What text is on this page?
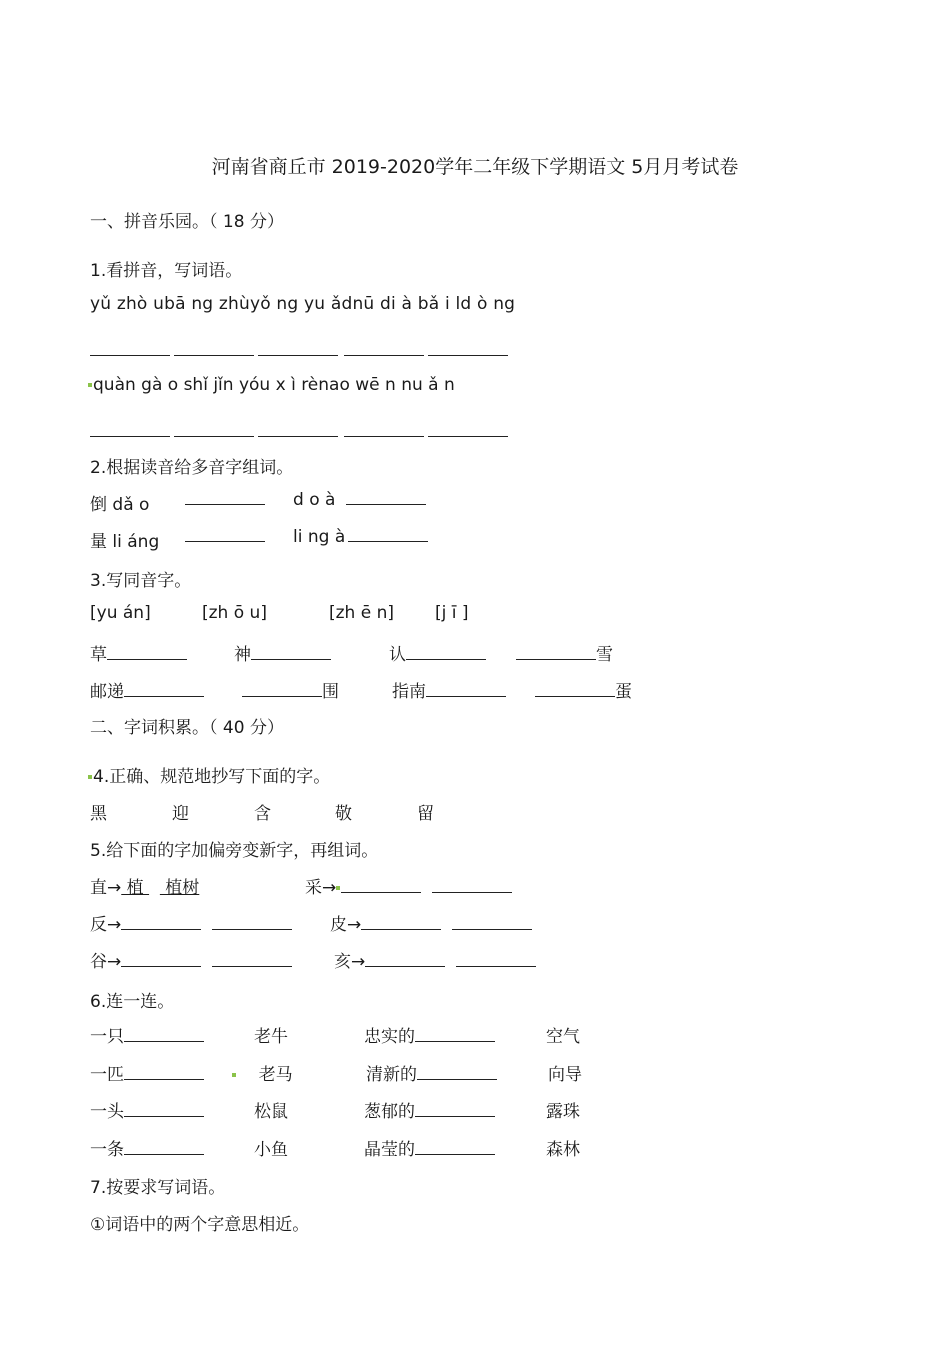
河南省商丘市 2019-2020学年二年级下学期语文 5月月考试卷
一、拼音乐园。（ 18 分）
1.看拼音，写词语。
yǔ zhò ubā ng zhùyǒ ng yu ǎdnū di à bǎ i ld ò ng
quàn gà o shǐ jǐn yóu x ì rènao wē n nu ǎ n
2.根据读音给多音字组词。
倒 dǎ o	d o à
量 li áng	li ng à
3.写同音字。
[yu án]	[zh ō u]	[zh ē n] [j ī ]
草	神	认	雪
邮递	围	指南	蛋
二、字词积累。（ 40 分）
4.正确、规范地抄写下面的字。
黑	迎	含	敬	留
5.给下面的字加偏旁变新字，再组词。
直→ 植    植树	采→
反→	皮→
谷→	亥→
6.连一连。
一只	老牛	忠实的	空气
一匹	老马	清新的	向导
一头	松鼠	葱郁的	露珠
一条	小鱼	晶莹的	森林
7.按要求写词语。
①词语中的两个字意思相近。
